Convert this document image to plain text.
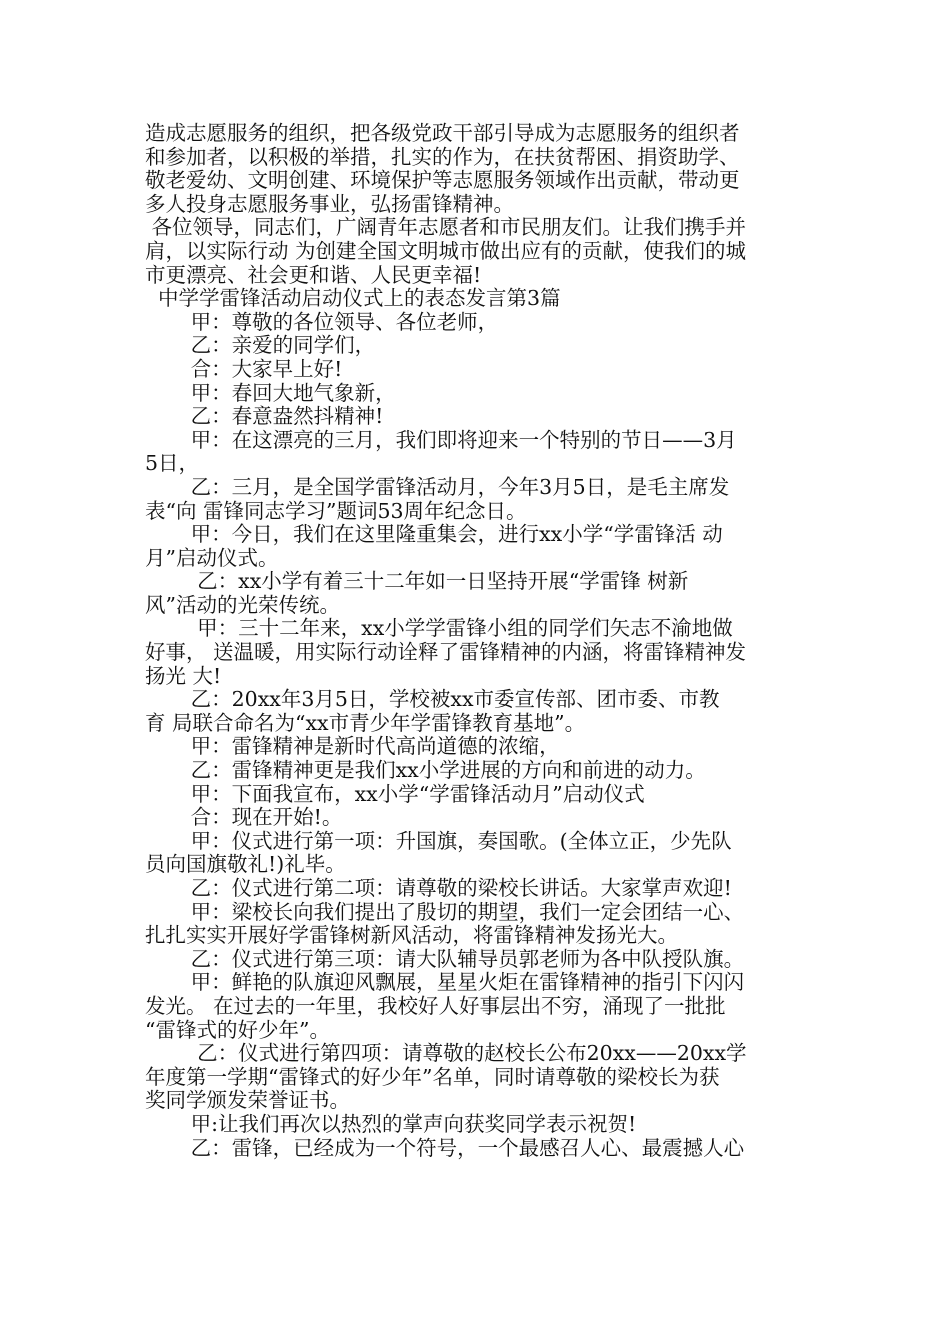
造成志愿服务的组织，把各级党政干部引导成为志愿服务的组织者
和参加者，以积极的举措，扎实的作为，在扶贫帮困、捐资助学、
敬老爱幼、文明创建、环境保护等志愿服务领域作出贡献，带动更
多人投身志愿服务事业，弘扬雷锋精神。
各位领导，同志们，广阔青年志愿者和市民朋友们。让我们携手并
肩，以实际行动 为创建全国文明城市做出应有的贡献，使我们的城
市更漂亮、社会更和谐、人民更幸福!
中学学雷锋活动启动仪式上的表态发言第3篇
甲：尊敬的各位领导、各位老师，
乙：亲爱的同学们，
合：大家早上好!
甲：春回大地气象新，
乙：春意盎然抖精神!
甲：在这漂亮的三月，我们即将迎来一个特别的节日——3月
5日，
乙：三月，是全国学雷锋活动月，今年3月5日，是毛主席发
表“向 雷锋同志学习”题词53周年纪念日。
甲：今日，我们在这里隆重集会，进行xx小学“学雷锋活 动
月”启动仪式。
乙：xx小学有着三十二年如一日坚持开展“学雷锋 树新
风”活动的光荣传统。
甲：三十二年来，xx小学学雷锋小组的同学们矢志不渝地做
好事， 送温暖，用实际行动诠释了雷锋精神的内涵，将雷锋精神发
扬光 大!
乙：20xx年3月5日，学校被xx市委宣传部、团市委、市教
育 局联合命名为“xx市青少年学雷锋教育基地”。
甲：雷锋精神是新时代高尚道德的浓缩，
乙：雷锋精神更是我们xx小学进展的方向和前进的动力。
甲：下面我宣布，xx小学“学雷锋活动月”启动仪式
合：现在开始!。
甲：仪式进行第一项：升国旗，奏国歌。(全体立正，少先队
员向国旗敬礼!)礼毕。
乙：仪式进行第二项：请尊敬的梁校长讲话。大家掌声欢迎!
甲：梁校长向我们提出了殷切的期望，我们一定会团结一心、
扎扎实实开展好学雷锋树新风活动，将雷锋精神发扬光大。
乙：仪式进行第三项：请大队辅导员郭老师为各中队授队旗。
甲：鲜艳的队旗迎风飘展，星星火炬在雷锋精神的指引下闪闪
发光。 在过去的一年里，我校好人好事层出不穷，涌现了一批批
“雷锋式的好少年”。
乙：仪式进行第四项：请尊敬的赵校长公布20xx——20xx学
年度第一学期“雷锋式的好少年”名单，同时请尊敬的梁校长为获
奖同学颁发荣誉证书。
甲:让我们再次以热烈的掌声向获奖同学表示祝贺!
乙：雷锋，已经成为一个符号，一个最感召人心、最震撼人心
